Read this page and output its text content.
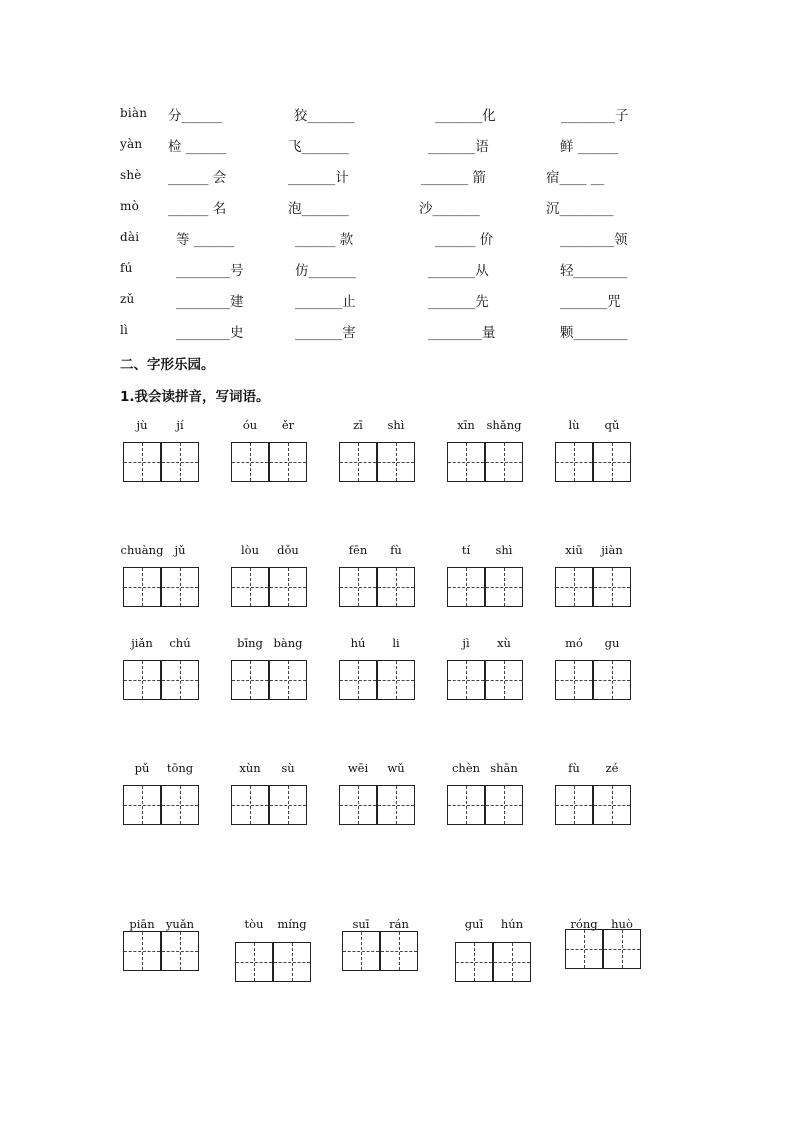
biàn 分______	狡_______	_______化	________子
yàn 检 ______	飞_______	_______语	鲜 ______
shè ______ 会	_______计	_______ 箭	宿____ __
mò ______ 名	泡_______	沙_______	沉________
dài	等 ______	______ 款	______ 价	________领
fú	________号	仿_______	_______从	轻________
zǔ	________建	_______止	_______先	_______咒
lì	________史	_______害	________量	颗________
二、字形乐园。
1.我会读拼音，写词语。
jù	jí	óu ěr	zī shì	xīn shǎng	lù qǔ
chuàng jǔ	lòu dǒu	fēn fù	tí shì	xiū jiàn
jiǎn chú	bīng bàng	hú li	jì xù	mó gu
pǔ tōng	xùn sù	wēi wǔ	chèn shān	fù zé
piān yuǎn	tòu míng	suī rán	guī hún	róng huò
